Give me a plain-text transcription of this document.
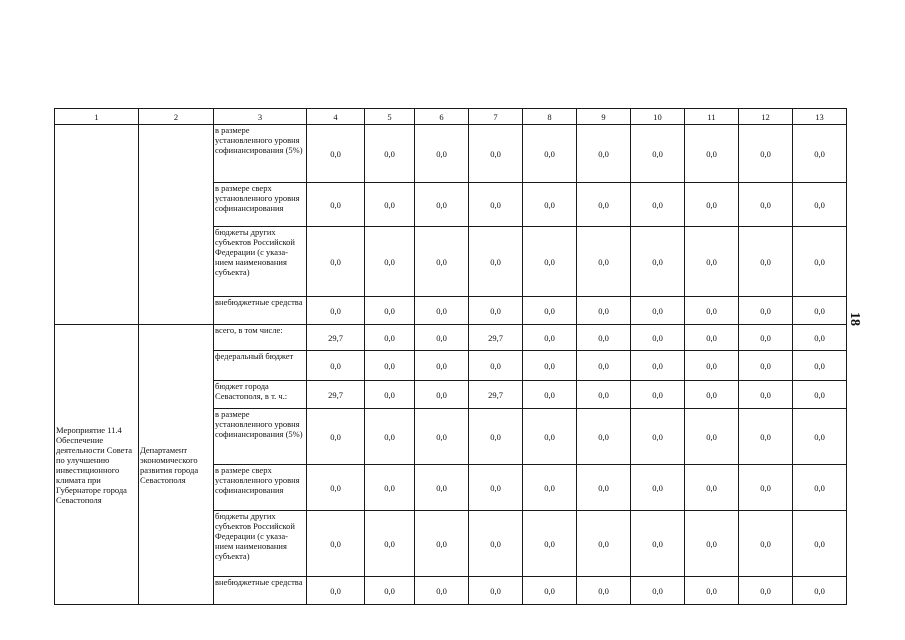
1	2	3	4	5	6	7	8	9	10	11	12	13
		в размере установленного уровня софинансирования (5%)	0,0	0,0	0,0	0,0	0,0	0,0	0,0	0,0	0,0	0,0
		в размере сверх установленного уровня софинансирования	0,0	0,0	0,0	0,0	0,0	0,0	0,0	0,0	0,0	0,0
		бюджеты других субъектов Российской Федерации (с указа-нием наименования субъекта)	0,0	0,0	0,0	0,0	0,0	0,0	0,0	0,0	0,0	0,0
		внебюджетные средства	0,0	0,0	0,0	0,0	0,0	0,0	0,0	0,0	0,0	0,0
Мероприятие 11.4 Обеспечение деятельности Совета по улучшению инвестиционного климата при Губернаторе города Севастополя	Департамент экономического развития города Севастополя	всего, в том числе:	29,7	0,0	0,0	29,7	0,0	0,0	0,0	0,0	0,0	0,0
		федеральный бюджет	0,0	0,0	0,0	0,0	0,0	0,0	0,0	0,0	0,0	0,0
		бюджет города Севастополя, в т. ч.:	29,7	0,0	0,0	29,7	0,0	0,0	0,0	0,0	0,0	0,0
		в размере установленного уровня софинансирования (5%)	0,0	0,0	0,0	0,0	0,0	0,0	0,0	0,0	0,0	0,0
		в размере сверх установленного уровня софинансирования	0,0	0,0	0,0	0,0	0,0	0,0	0,0	0,0	0,0	0,0
		бюджеты других субъектов Российской Федерации (с указа-нием наименования субъекта)	0,0	0,0	0,0	0,0	0,0	0,0	0,0	0,0	0,0	0,0
		внебюджетные средства	0,0	0,0	0,0	0,0	0,0	0,0	0,0	0,0	0,0	0,0
18
